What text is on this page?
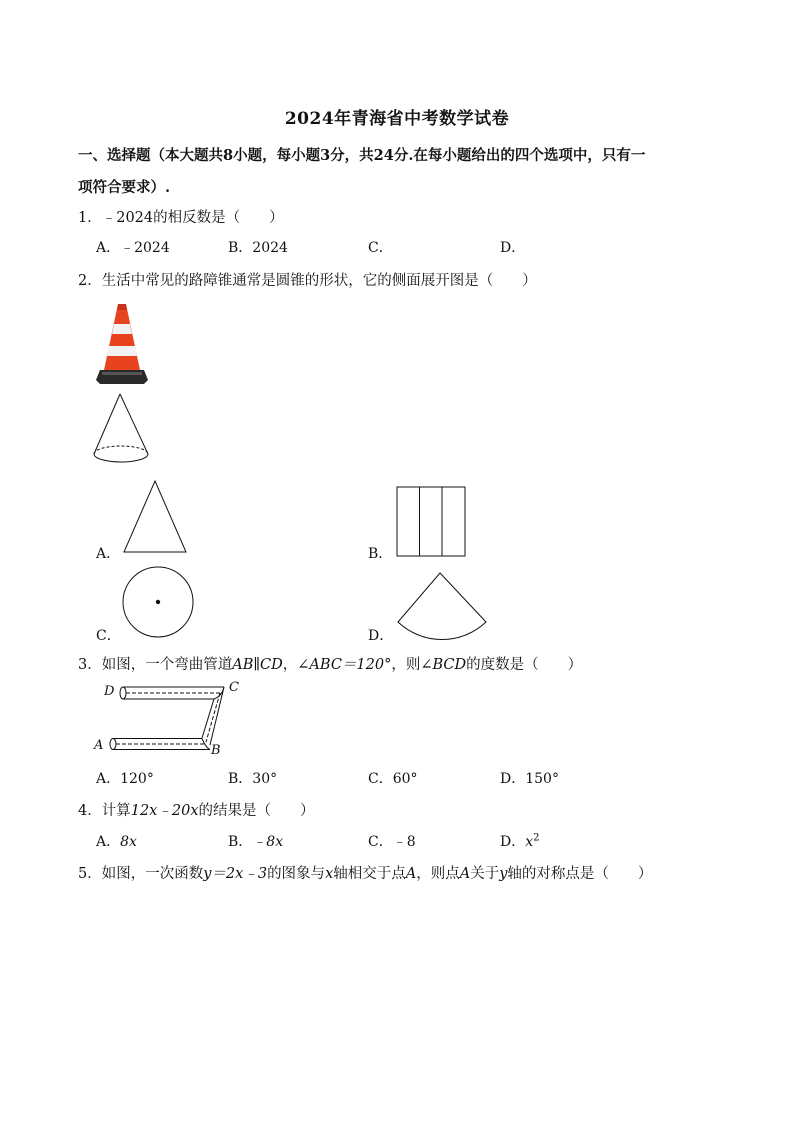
2024年青海省中考数学试卷
一、选择题（本大题共8小题，每小题3分，共24分.在每小题给出的四个选项中，只有一
项符合要求）.
1．﹣2024的相反数是（　　）
A．﹣2024	B．2024	C．	D．
2．生活中常见的路障锥通常是圆锥的形状，它的侧面展开图是（　　）
A．	B．
C．	D．
3．如图，一个弯曲管道AB∥CD，∠ABC＝120°，则∠BCD的度数是（　　）
D	C
A	B
A．120°	B．30°	C．60°	D．150°
4．计算12x﹣20x的结果是（　　）
A．8x	B．﹣8x	C．﹣8	D．$x^2$
5．如图，一次函数y＝2x﹣3的图象与x轴相交于点A，则点A关于y轴的对称点是（　　）
